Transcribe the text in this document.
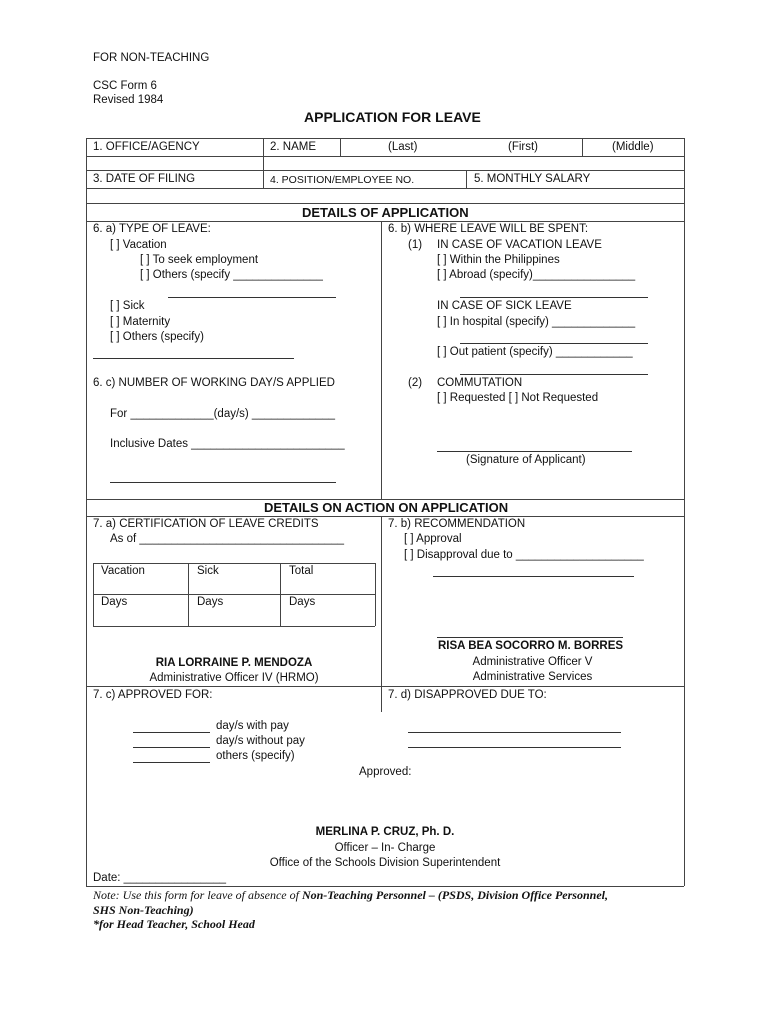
FOR NON-TEACHING
CSC Form 6
Revised 1984
APPLICATION FOR LEAVE
1. OFFICE/AGENCY	2. NAME	(Last)	(First)	(Middle)
3. DATE OF FILING	4. POSITION/EMPLOYEE NO.	5. MONTHLY SALARY
DETAILS OF APPLICATION
6. a) TYPE OF LEAVE:
[ ] Vacation
[ ] To seek employment
[ ] Others (specify ______________
[ ] Sick
[ ] Maternity
[ ] Others (specify)
6. b) WHERE LEAVE WILL BE SPENT:
(1) IN CASE OF VACATION LEAVE
[ ] Within the Philippines
[ ] Abroad (specify)________________
IN CASE OF SICK LEAVE
[ ] In hospital (specify) _____________
[ ] Out patient (specify) ____________
6. c) NUMBER OF WORKING DAY/S APPLIED
For _____________(day/s) _____________
Inclusive Dates ________________________
(2) COMMUTATION
[ ] Requested [ ] Not Requested
(Signature of Applicant)
DETAILS ON ACTION ON APPLICATION
7. a) CERTIFICATION OF LEAVE CREDITS
As of ________________________________
Vacation	Sick	Total
Days	Days	Days
7. b) RECOMMENDATION
[ ] Approval
[ ] Disapproval due to ____________________
RISA BEA SOCORRO M. BORRES
Administrative Officer V
Administrative Services
RIA LORRAINE P. MENDOZA
Administrative Officer IV (HRMO)
7. c) APPROVED FOR:	7. d) DISAPPROVED DUE TO:
day/s with pay
day/s without pay
others (specify)
Approved:
MERLINA P. CRUZ, Ph. D.
Officer – In- Charge
Office of the Schools Division Superintendent
Date: ________________
Note: Use this form for leave of absence of Non-Teaching Personnel – (PSDS, Division Office Personnel,
SHS Non-Teaching)
*for Head Teacher, School Head
